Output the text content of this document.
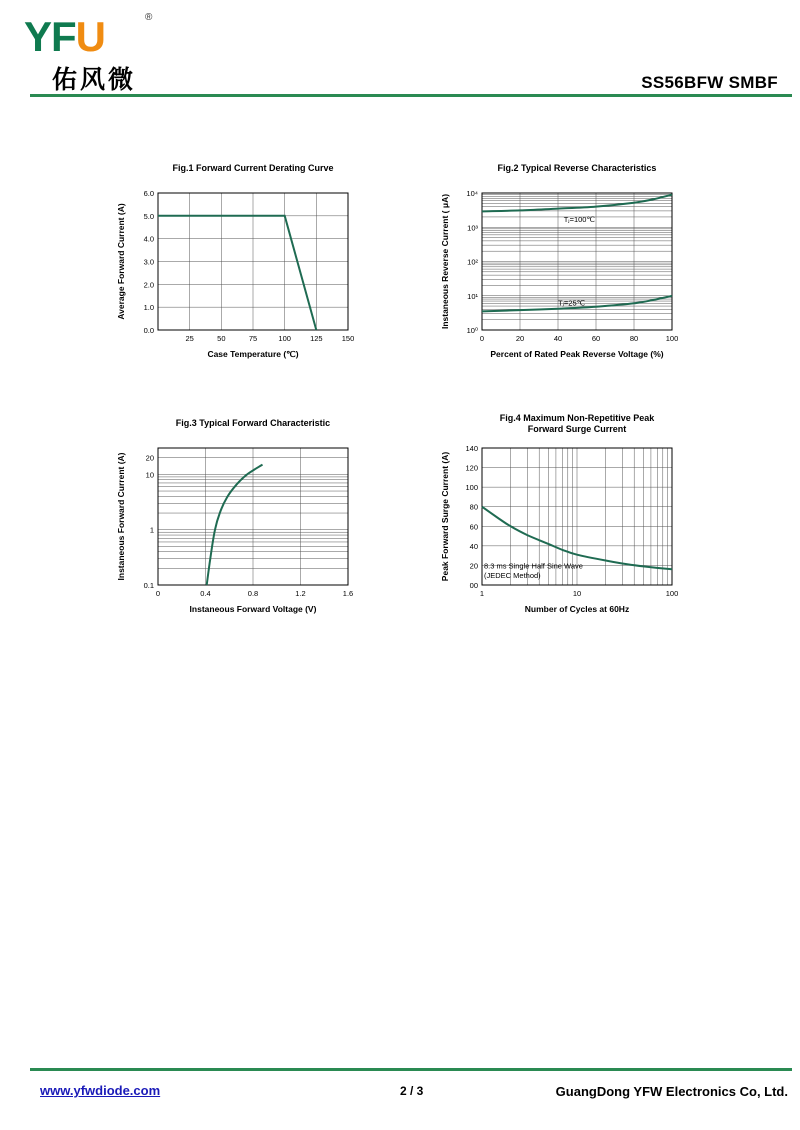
YFU	®
佑风微	SS56BFW SMBF
Fig.1 Forward Current Derating Curve
25	50	75	100	125	150
0.0
1.0
2.0
3.0
4.0
5.0
6.0
Case Temperature (℃)
Average Forward Current (A)
Fig.2 Typical Reverse Characteristics
0	20	40	60	80	100
10⁰
10¹
10²
10³
10⁴
Percent of Rated Peak Reverse Voltage (%)
Instaneous Reverse Current ( μA)	Tⱼ=100℃
Tⱼ=25℃
Fig.3 Typical Forward Characteristic
0	0.4	0.8	1.2	1.6
0.1
1
10
20
Instaneous Forward Voltage (V)
Instaneous Forward Current (A)
Fig.4 Maximum Non-Repetitive Peak
Forward Surge Current
1	10	100
00
20
40
60
80
100
120
140
Number of Cycles at 60Hz
Peak Forward Surge Current (A)	8.3 ms Single Half Sine Wave
(JEDEC Method)
www.yfwdiode.com	2 / 3	GuangDong YFW Electronics Co, Ltd.
